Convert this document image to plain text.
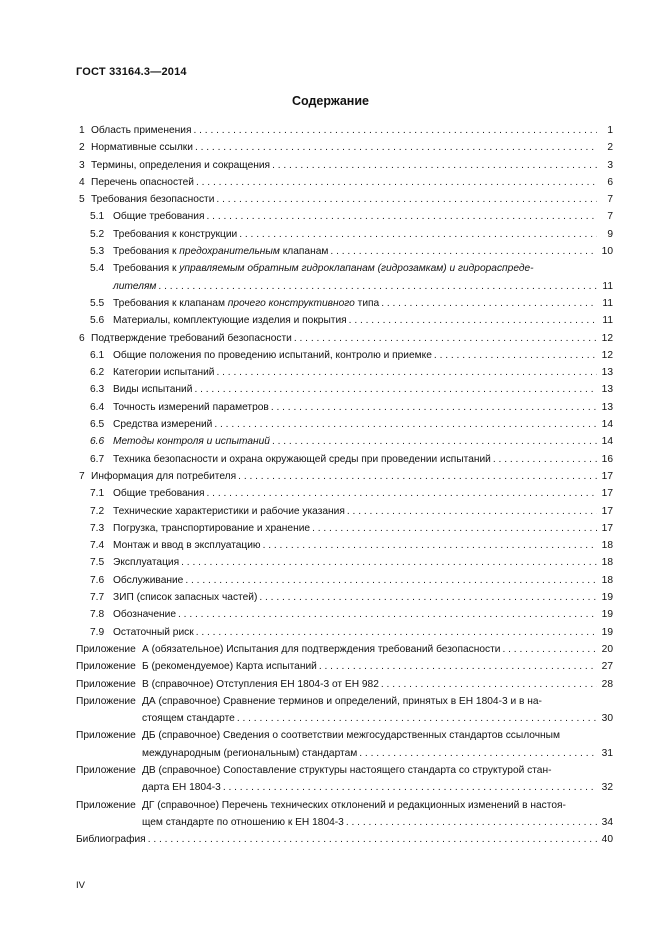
ГОСТ 33164.3—2014
Содержание
1 Область применения . . .	1
2 Нормативные ссылки . . .	2
3 Термины, определения и сокращения . . .	3
4 Перечень опасностей . . .	6
5 Требования безопасности . . .	7
5.1 Общие требования . . .	7
5.2 Требования к конструкции . . .	9
5.3 Требования к предохранительным клапанам . . .	10
5.4 Требования к управляемым обратным гидроклапанам (гидрозамкам) и гидрораспреде-
лителям . . .	11
5.5 Требования к клапанам прочего конструктивного типа . . .	11
5.6 Материалы, комплектующие изделия и покрытия . . .	11
6 Подтверждение требований безопасности . . .	12
6.1 Общие положения по проведению испытаний, контролю и приемке . . .	12
6.2 Категории испытаний . . .	13
6.3 Виды испытаний . . .	13
6.4 Точность измерений параметров . . .	13
6.5 Средства измерений . . .	14
6.6 Методы контроля и испытаний . . .	14
6.7 Техника безопасности и охрана окружающей среды при проведении испытаний . . .	16
7 Информация для потребителя . . .	17
7.1 Общие требования . . .	17
7.2 Технические характеристики и рабочие указания . . .	17
7.3 Погрузка, транспортирование и хранение . . .	17
7.4 Монтаж и ввод в эксплуатацию . . .	18
7.5 Эксплуатация . . .	18
7.6 Обслуживание . . .	18
7.7 ЗИП (список запасных частей) . . .	19
7.8 Обозначение . . .	19
7.9 Остаточный риск . . .	19
Приложение А (обязательное) Испытания для подтверждения требований безопасности . . .	20
Приложение Б (рекомендуемое) Карта испытаний . . .	27
Приложение В (справочное) Отступления ЕН 1804-3 от ЕН 982 . . .	28
Приложение ДА (справочное) Сравнение терминов и определений, принятых в ЕН 1804-3 и в на-
стоящем стандарте . . .	30
Приложение ДБ (справочное) Сведения о соответствии межгосударственных стандартов ссылочным
международным (региональным) стандартам . . .	31
Приложение ДВ (справочное) Сопоставление структуры настоящего стандарта со структурой стан-
дарта ЕН 1804-3 . . .	32
Приложение ДГ (справочное) Перечень технических отклонений и редакционных изменений в настоя-
щем стандарте по отношению к ЕН 1804-3 . . .	34
Библиография . . .	40
IV
